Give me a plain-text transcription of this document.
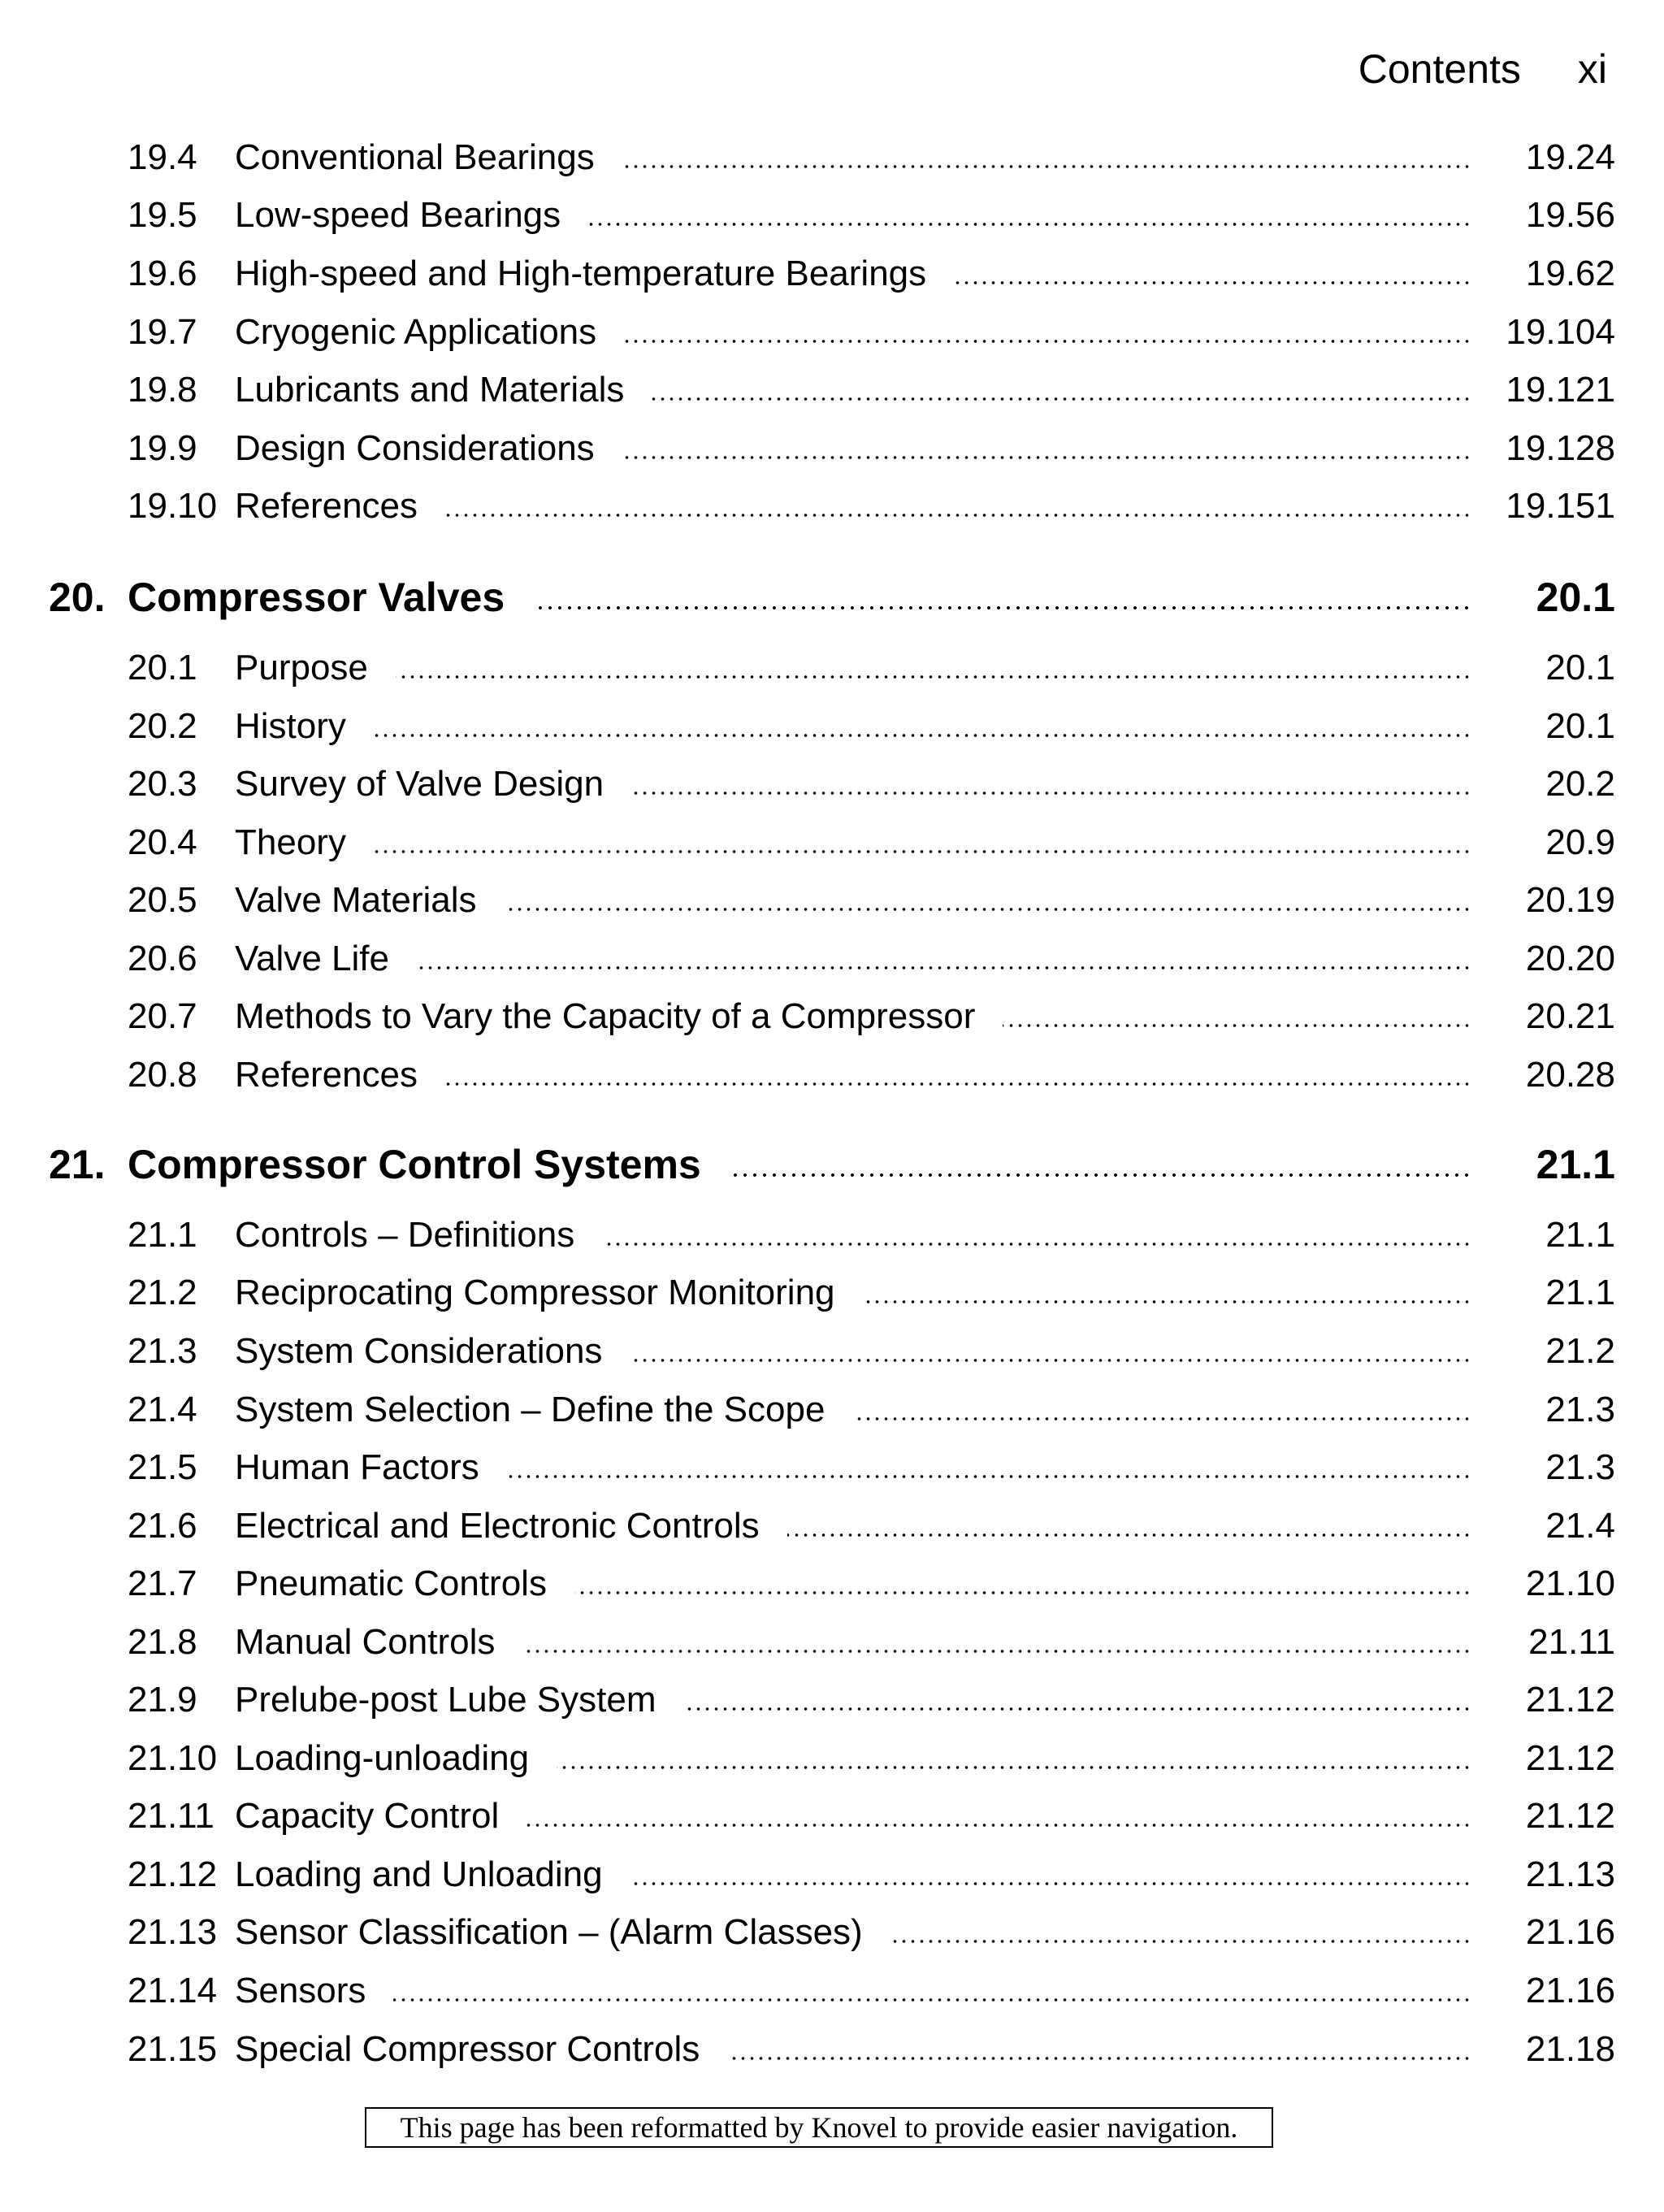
Contents xi
19.4 Conventional Bearings	19.24
19.5 Low-speed Bearings	19.56
19.6 High-speed and High-temperature Bearings	19.62
19.7 Cryogenic Applications	19.104
19.8 Lubricants and Materials	19.121
19.9 Design Considerations	19.128
19.10 References	19.151
20. Compressor Valves	20.1
20.1 Purpose	20.1
20.2 History	20.1
20.3 Survey of Valve Design	20.2
20.4 Theory	20.9
20.5 Valve Materials	20.19
20.6 Valve Life	20.20
20.7 Methods to Vary the Capacity of a Compressor	20.21
20.8 References	20.28
21. Compressor Control Systems	21.1
21.1 Controls – Definitions	21.1
21.2 Reciprocating Compressor Monitoring	21.1
21.3 System Considerations	21.2
21.4 System Selection – Define the Scope	21.3
21.5 Human Factors	21.3
21.6 Electrical and Electronic Controls	21.4
21.7 Pneumatic Controls	21.10
21.8 Manual Controls	21.11
21.9 Prelube-post Lube System	21.12
21.10 Loading-unloading	21.12
21.11 Capacity Control	21.12
21.12 Loading and Unloading	21.13
21.13 Sensor Classification – (Alarm Classes)	21.16
21.14 Sensors	21.16
21.15 Special Compressor Controls	21.18
This page has been reformatted by Knovel to provide easier navigation.
